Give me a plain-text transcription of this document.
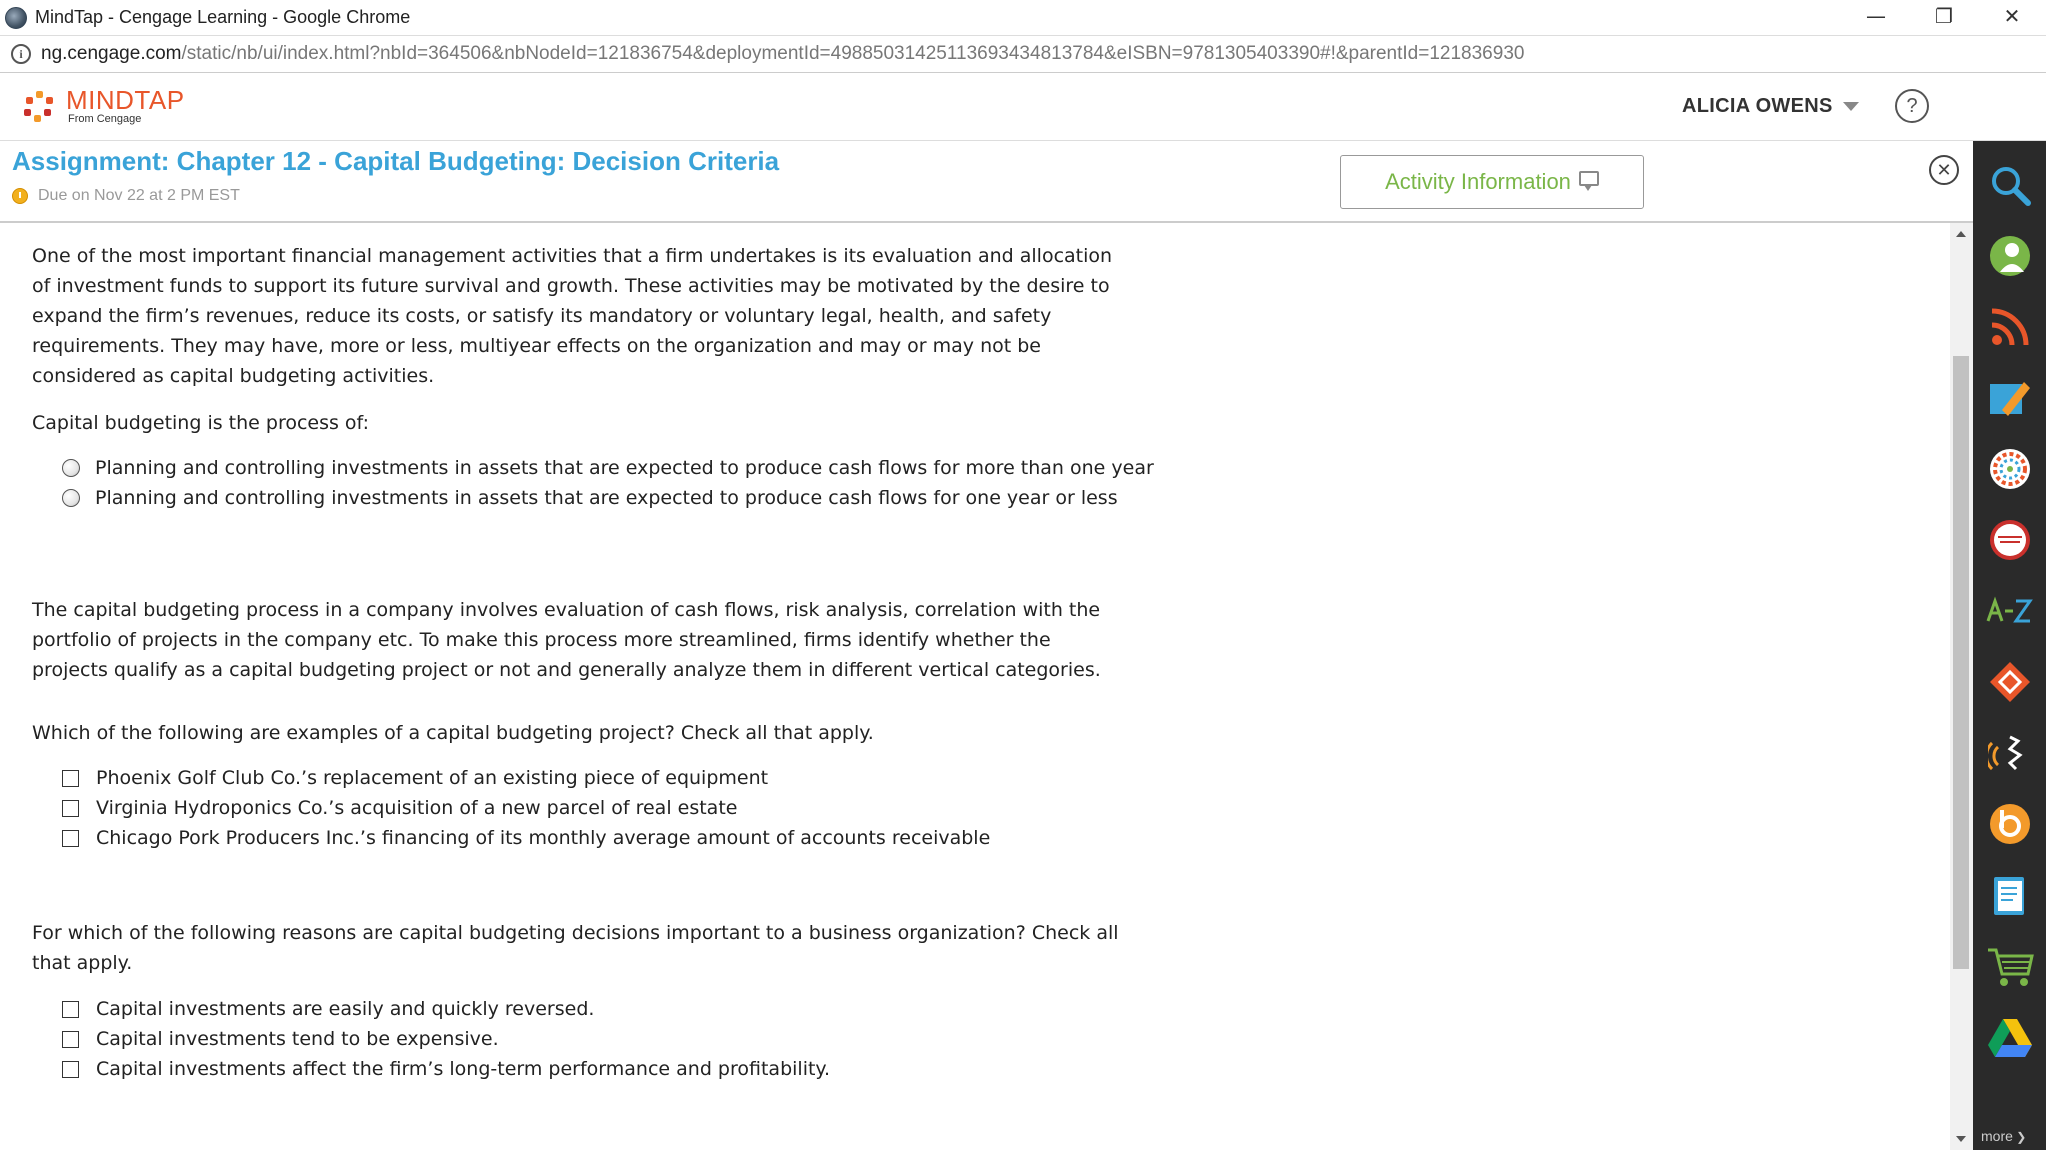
MindTap - Cengage Learning - Google Chrome	—	❐	✕
i ng.cengage.com/static/nb/ui/index.html?nbId=364506&nbNodeId=121836754&deploymentId=4988503142511369343481378​4&eISBN=9781305403390#!&parentId=121836930
MINDTAP
From Cengage
ALICIA OWENS	?
Assignment: Chapter 12 - Capital Budgeting: Decision Criteria
Due on Nov 22 at 2 PM EST
Activity Information	✕

One of the most important financial management activities that a firm undertakes is its evaluation and allocation of investment funds to support its future survival and growth. These activities may be motivated by the desire to expand the firm’s revenues, reduce its costs, or satisfy its mandatory or voluntary legal, health, and safety requirements. They may have, more or less, multiyear effects on the organization and may or may not be considered as capital budgeting activities.

Capital budgeting is the process of:
Planning and controlling investments in assets that are expected to produce cash flows for more than one year
Planning and controlling investments in assets that are expected to produce cash flows for one year or less
The capital budgeting process in a company involves evaluation of cash flows, risk analysis, correlation with the portfolio of projects in the company etc. To make this process more streamlined, firms identify whether the projects qualify as a capital budgeting project or not and generally analyze them in different vertical categories.
Which of the following are examples of a capital budgeting project? Check all that apply.
Phoenix Golf Club Co.’s replacement of an existing piece of equipment
Virginia Hydroponics Co.’s acquisition of a new parcel of real estate
Chicago Pork Producers Inc.’s financing of its monthly average amount of accounts receivable
For which of the following reasons are capital budgeting decisions important to a business organization? Check all that apply.
Capital investments are easily and quickly reversed.
Capital investments tend to be expensive.
Capital investments affect the firm’s long-term performance and profitability.
more ❯
